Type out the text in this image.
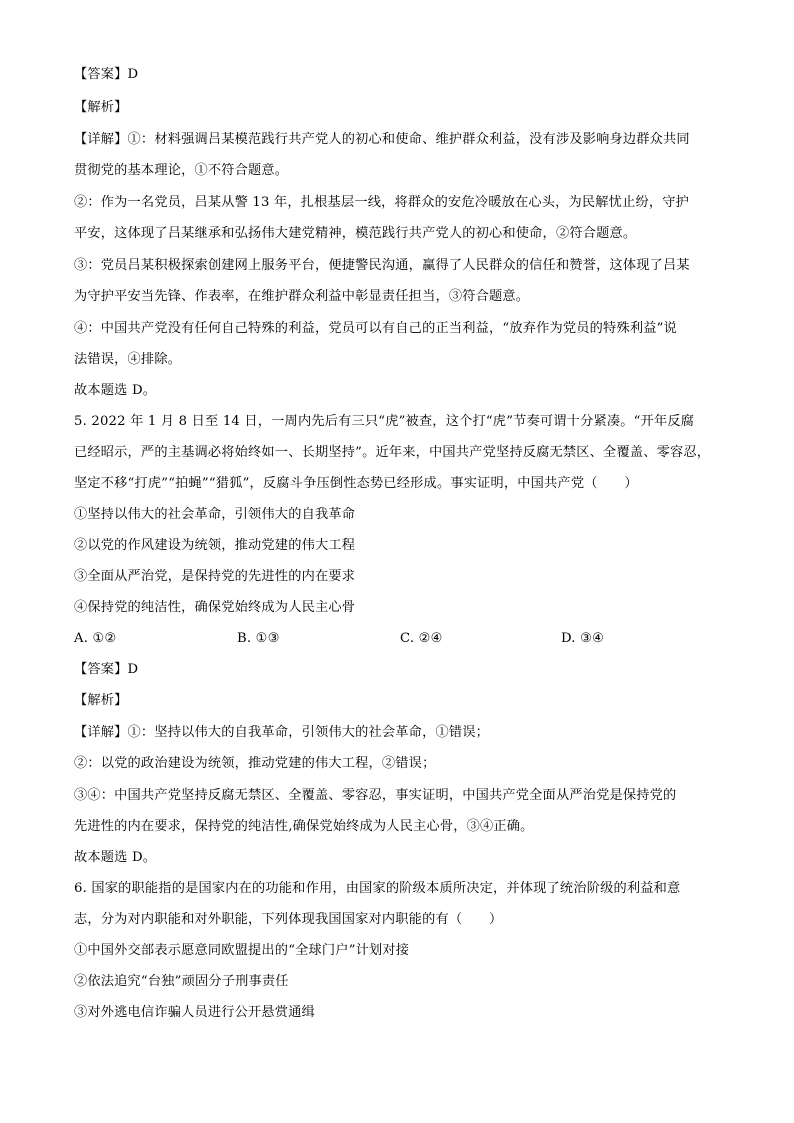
【答案】D
【解析】
【详解】①：材料强调吕某模范践行共产党人的初心和使命、维护群众利益，没有涉及影响身边群众共同
贯彻党的基本理论，①不符合题意。
②：作为一名党员，吕某从警 13 年，扎根基层一线，将群众的安危冷暖放在心头，为民解忧止纷，守护
平安，这体现了吕某继承和弘扬伟大建党精神，模范践行共产党人的初心和使命，②符合题意。
③：党员吕某积极探索创建网上服务平台，便捷警民沟通，赢得了人民群众的信任和赞誉，这体现了吕某
为守护平安当先锋、作表率，在维护群众利益中彰显责任担当，③符合题意。
④：中国共产党没有任何自己特殊的利益，党员可以有自己的正当利益，“放弃作为党员的特殊利益”说
法错误，④排除。
故本题选 D。
5. 2022 年 1 月 8 日至 14 日，一周内先后有三只“虎”被查，这个打“虎”节奏可谓十分紧凑。“开年反腐
已经昭示，严的主基调必将始终如一、长期坚持”。近年来，中国共产党坚持反腐无禁区、全覆盖、零容忍，
坚定不移“打虎”“拍蝇”“猎狐”，反腐斗争压倒性态势已经形成。事实证明，中国共产党（　　）
①坚持以伟大的社会革命，引领伟大的自我革命
②以党的作风建设为统领，推动党建的伟大工程
③全面从严治党，是保持党的先进性的内在要求
④保持党的纯洁性，确保党始终成为人民主心骨
A. ①②	B. ①③	C. ②④	D. ③④
【答案】D
【解析】
【详解】①：坚持以伟大的自我革命，引领伟大的社会革命，①错误；
②：以党的政治建设为统领，推动党建的伟大工程，②错误；
③④：中国共产党坚持反腐无禁区、全覆盖、零容忍，事实证明，中国共产党全面从严治党是保持党的
先进性的内在要求，保持党的纯洁性,确保党始终成为人民主心骨，③④正确。
故本题选 D。
6. 国家的职能指的是国家内在的功能和作用，由国家的阶级本质所决定，并体现了统治阶级的利益和意
志，分为对内职能和对外职能，下列体现我国国家对内职能的有（　　）
①中国外交部表示愿意同欧盟提出的“全球门户”计划对接
②依法追究“台独”顽固分子刑事责任
③对外逃电信诈骗人员进行公开悬赏通缉
